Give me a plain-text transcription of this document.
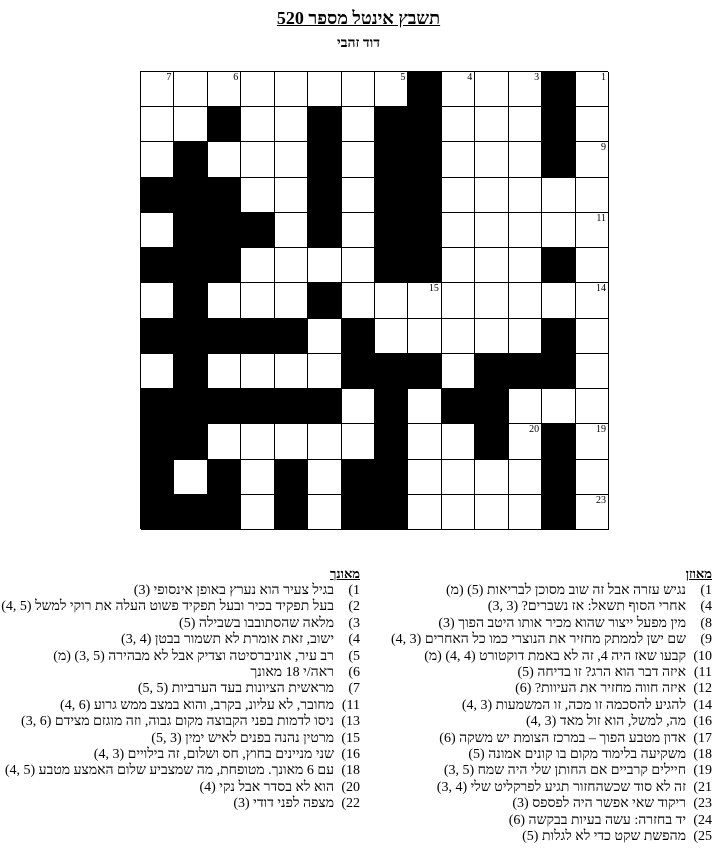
תשבץ אינטל מספר 520
דוד זהבי
1
2
3
4
5
6
7
8
9
10
11
12
13
14
15
16
17
18
19
20
21
22
23
מאוזן
1)
נגיש עזרה אבל זה שוב מסוכן לבריאות (5) (מ)
4)
אחרי הסוף תשאל: אז נשברים? (3 ,3)
8)
מין מפעל ייצור שהוא מכיר אותו היטב הפוך (3)
9)
שם ישן לממתק מחזיר את הנוצרי כמו כל האחרים (3 ,4)
10)
קבעו שאז היה 4, זה לא באמת דוקטורט (4 ,4) (מ)
11)
איזה דבר הוא הרג? זו בדיחה (5)
12)
איזה חווה מחזיר את העיוות? (6)
14)
להגיע להסכמה זו מכה, זו המשמעות (3 ,4)
16)
מה, למשל, הוא זול מאד (3 ,4)
17)
אדון מטבע הפוך – במרכז הצומת יש משקה (6)
18)
משקיעה בלימוד מקום בו קונים אמונה (5)
19)
חיילים קרביים אם החותן שלי היה שמח (5 ,3)
21)
זה לא סוד שכשהחזור תגיע לפרקליט שלי (4 ,3)
23)
ריקוד שאי אפשר היה לפספס (3)
24)
יד בחזרה: עשה בעיות בבקשה (6)
25)
מהפשת שקט כדי לא לגלות (5)
מאונך
1)
בגיל צעיר הוא נערץ באופן אינסופי (3)
2)
בעל תפקיד בכיר ובעל תפקיד פשוט העלה את רוקי למשל (5 ,4)
3)
מלאה שהסתובבו בשבילה (5)
4)
ישוב, זאת אומרת לא תשמור בבטן (4 ,3)
5)
רב עיר, אוניברסיטה וצדיק אבל לא מבהירה (5 ,3) (מ)
6)
ראה/י 18 מאונך
7)
מראשית הציונות בעד הערביות (5 ,5)
11)
מחובר, לא עליונ, בקרב, והוא במצב ממש גרוע (6 ,4)
13)
ניסו לדמות בפני הקבוצה מקום גבוה, וזה מוגזם מצידם (6 ,3)
15)
מרטין נהנה בפנים לאיש ימין (3 ,5)
16)
שני מניינים בחוץ, חס ושלום, זה בילויים (3 ,4)
18)
עם 6 מאונך. מטופחת, מה שמצביע שלום האמצע מטבע (5 ,4)
20)
הוא לא בסדר אבל נקי (4)
22)
מצפה לפני דודי (3)
